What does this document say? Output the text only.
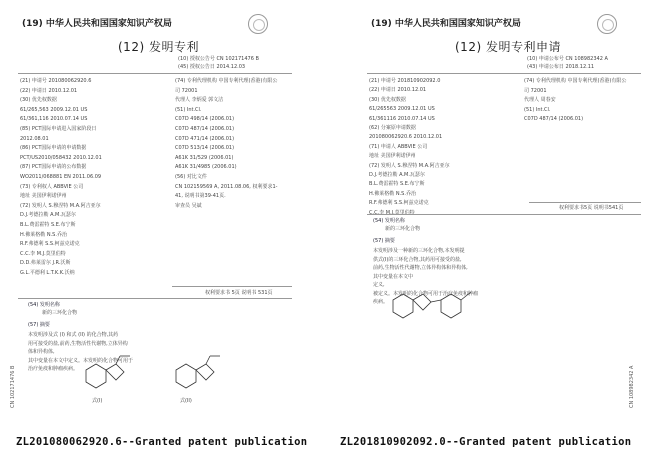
(19) 中华人民共和国国家知识产权局
(12) 发明专利
(10) 授权公告号 CN 102171476 B
(45) 授权公告日 2014.12.03
(21) 申请号 201080062920.6
(22) 申请日 2010.12.01
(30) 优先权数据
61/265,563 2009.12.01 US
61/361,116 2010.07.14 US
(85) PCT国际申请进入国家阶段日
2012.08.01
(86) PCT国际申请的申请数据
PCT/US2010/058432 2010.12.01
(87) PCT国际申请的公布数据
WO2011/068881 EN 2011.06.09
(73) 专利权人 ABBVIE 公司
地址 美国伊利诺伊州
(72) 发明人 S.穆涅特 M.A.阿吉亚尔
D.J.考德拉勒 A.M.瓦瑟尔
B.L.费雷霍特 S.E.布宁斯
H.佛莱格勒 N.S.乔治
R.F.弗德利 S.S.柯兹克诺克
C.C.李 M.J.莫里伯特
D.D.弗莱雷尔 J.R.沃斯
G.L.平德利 L.T.K.K.沃纳
(74) 专利代理机构 中国专利代理(香港)有限公
司 72001
代理人 李炳爱 郭文洁
(51) Int.Cl.
C07D 498/14 (2006.01)
C07D 487/14 (2006.01)
C07D 471/14 (2006.01)
C07D 513/14 (2006.01)
A61K 31/529 (2006.01)
A61K 31/4985 (2006.01)
(56) 对比文件
CN 102159569 A, 2011.08.06, 权利要求1-
41, 说明书第39-41页.
审查员 吴斌
权利要求书 5页 说明书 531页
(54) 发明名称
新的三环化合物
(57) 摘要
本发明涉及式 (I) 和式 (II) 的化合物,其药
用可接受的盐,前药,生物活性代谢物,立体异构
体和异构体,
其中变量在本文中定义。本发明的化合物可用于
治疗免疫和肿瘤疾病。
式(I)	式(II)
CN 102171476 B
(19) 中华人民共和国国家知识产权局
(12) 发明专利申请
(10) 申请公布号 CN 108982342 A
(43) 申请公布日 2018.12.11
(21) 申请号 201810902092.0
(22) 申请日 2010.12.01
(30) 优先权数据
61/265563 2009.12.01 US
61/361116 2010.07.14 US
(62) 分案原申请数据
201080062920.6 2010.12.01
(71) 申请人 ABBVIE 公司
地址 美国伊利诺伊州
(72) 发明人 S.穆涅特 M.A.阿吉亚尔
D.J.考德拉勒 A.M.瓦瑟尔
B.L.费雷霍特 S.E.布宁斯
H.佛莱格勒 N.S.乔治
R.F.弗德利 S.S.柯兹克诺克
C.C.李 M.J.莫里伯特
(74) 专利代理机构 中国专利代理(香港)有限公
司 72001
代理人 周春安
(51) Int.Cl.
C07D 487/14 (2006.01)
权利要求书5页 说明书541页
(54) 发明名称
新的三环化合物
(57) 摘要
本发明涉及一种新的三环化合物,本发明提
供式(I)的三环化合物,其药用可接受的盐,
前药,生物活性代谢物,立体异构体和异构体,
其中变量在本文中
定义,
被定义。本发明的化合物可用于治疗免疫和肿瘤
疾病。
CN 108982342 A
ZL201080062920.6--Granted patent publication	ZL201810902092.0--Granted patent publication
